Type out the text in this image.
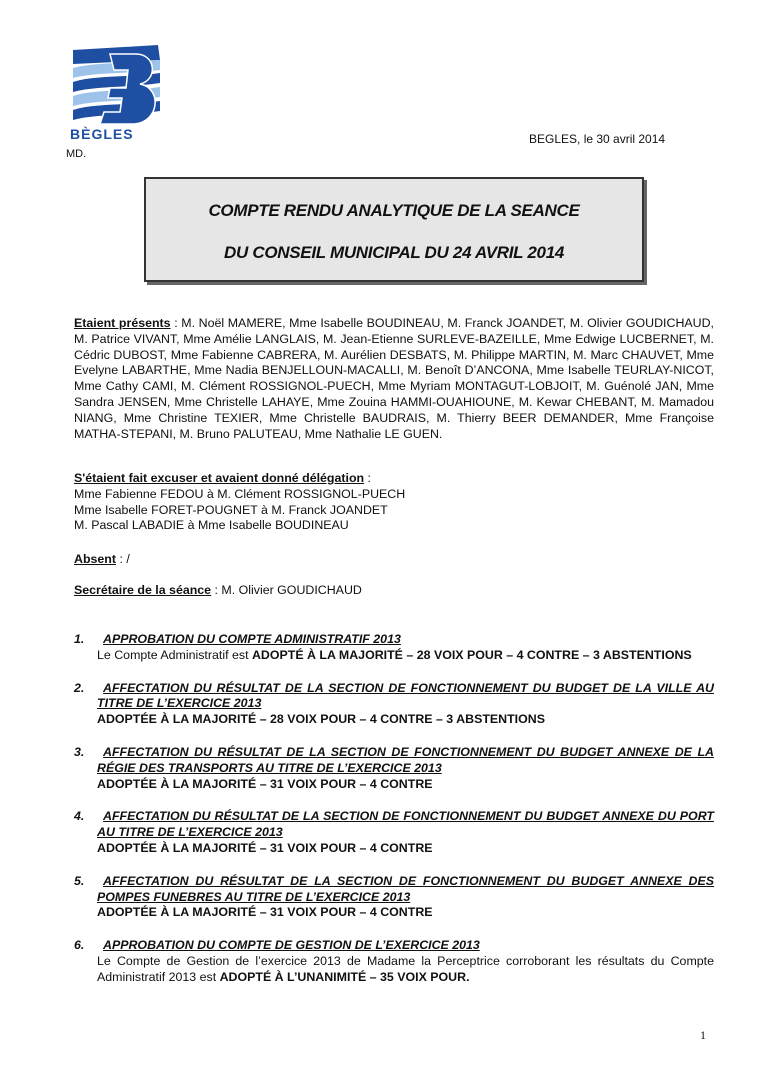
BÈGLES	BEGLES, le 30 avril 2014
MD.
COMPTE RENDU ANALYTIQUE DE LA SEANCE
DU CONSEIL MUNICIPAL DU 24 AVRIL 2014
Etaient présents : M. Noël MAMERE, Mme Isabelle BOUDINEAU, M. Franck JOANDET, M. Olivier GOUDICHAUD, M. Patrice VIVANT, Mme Amélie LANGLAIS, M. Jean-Etienne SURLEVE-BAZEILLE, Mme Edwige LUCBERNET, M. Cédric DUBOST, Mme Fabienne CABRERA, M. Aurélien DESBATS, M. Philippe MARTIN, M. Marc CHAUVET, Mme Evelyne LABARTHE, Mme Nadia BENJELLOUN-MACALLI, M. Benoît D’ANCONA, Mme Isabelle TEURLAY-NICOT, Mme Cathy CAMI, M. Clément ROSSIGNOL-PUECH, Mme Myriam MONTAGUT-LOBJOIT, M. Guénolé JAN, Mme Sandra JENSEN, Mme Christelle LAHAYE, Mme Zouina HAMMI-OUAHIOUNE, M. Kewar CHEBANT, M. Mamadou NIANG, Mme Christine TEXIER, Mme Christelle BAUDRAIS, M. Thierry BEER DEMANDER, Mme Françoise MATHA-STEPANI, M. Bruno PALUTEAU, Mme Nathalie LE GUEN.
S'étaient fait excuser et avaient donné délégation :
Mme Fabienne FEDOU à M. Clément ROSSIGNOL-PUECH
Mme Isabelle FORET-POUGNET à M. Franck JOANDET
M. Pascal LABADIE à Mme Isabelle BOUDINEAU
Absent : /
Secrétaire de la séance : M. Olivier GOUDICHAUD
1.	APPROBATION DU COMPTE ADMINISTRATIF 2013
Le Compte Administratif est ADOPTÉ À LA MAJORITÉ – 28 VOIX POUR – 4 CONTRE – 3 ABSTENTIONS
2.	AFFECTATION DU RÉSULTAT DE LA SECTION DE FONCTIONNEMENT DU BUDGET DE LA VILLE AU TITRE DE L’EXERCICE 2013
ADOPTÉE À LA MAJORITÉ – 28 VOIX POUR – 4 CONTRE – 3 ABSTENTIONS
3.	AFFECTATION DU RÉSULTAT DE LA SECTION DE FONCTIONNEMENT DU BUDGET ANNEXE DE LA RÉGIE DES TRANSPORTS AU TITRE DE L’EXERCICE 2013
ADOPTÉE À LA MAJORITÉ – 31 VOIX POUR – 4 CONTRE
4.	AFFECTATION DU RÉSULTAT DE LA SECTION DE FONCTIONNEMENT DU BUDGET ANNEXE DU PORT AU TITRE DE L’EXERCICE 2013
ADOPTÉE À LA MAJORITÉ – 31 VOIX POUR – 4 CONTRE
5.	AFFECTATION DU RÉSULTAT DE LA SECTION DE FONCTIONNEMENT DU BUDGET ANNEXE DES POMPES FUNEBRES AU TITRE DE L’EXERCICE 2013
ADOPTÉE À LA MAJORITÉ – 31 VOIX POUR – 4 CONTRE
6.	APPROBATION DU COMPTE DE GESTION DE L’EXERCICE 2013
Le Compte de Gestion de l’exercice 2013 de Madame la Perceptrice corroborant les résultats du Compte Administratif 2013 est ADOPTÉ À L’UNANIMITÉ – 35 VOIX POUR.
1
